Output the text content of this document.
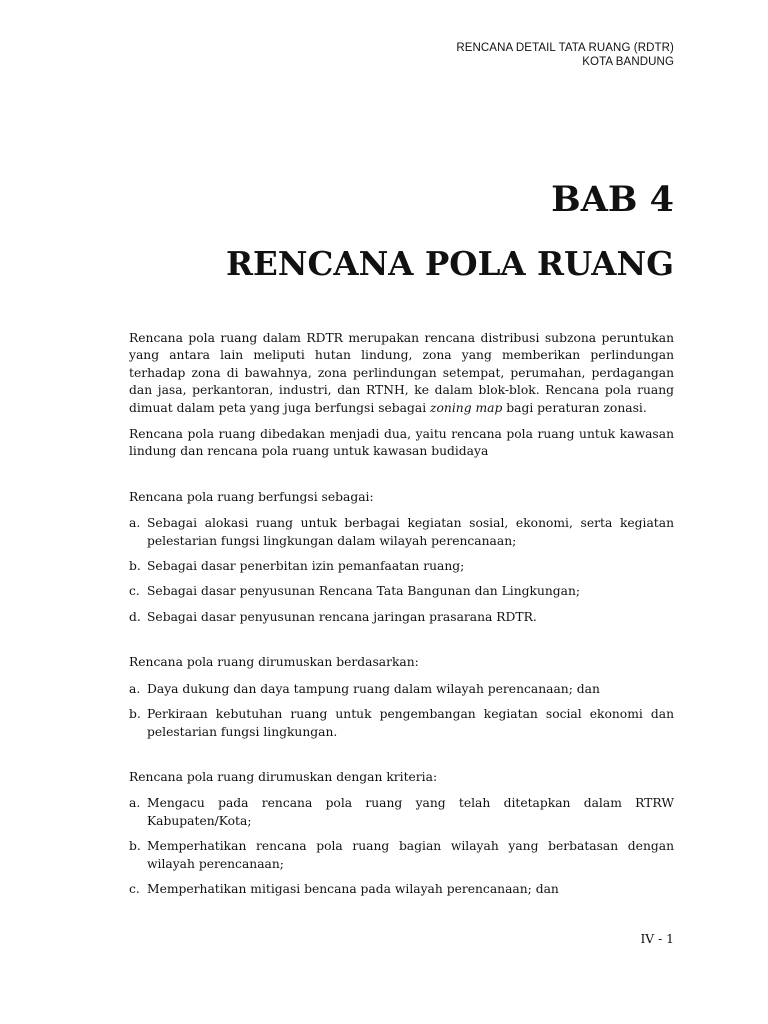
RENCANA DETAIL TATA RUANG (RDTR)
KOTA BANDUNG
BAB 4
RENCANA POLA RUANG

Rencana pola ruang dalam RDTR merupakan rencana distribusi subzona peruntukan yang antara lain meliputi hutan lindung, zona yang memberikan perlindungan terhadap zona di bawahnya, zona perlindungan setempat, perumahan, perdagangan dan jasa, perkantoran, industri, dan RTNH, ke dalam blok-blok. Rencana pola ruang dimuat dalam peta yang juga berfungsi sebagai zoning map bagi peraturan zonasi.

Rencana pola ruang dibedakan menjadi dua, yaitu rencana pola ruang untuk kawasan lindung dan rencana pola ruang untuk kawasan budidaya

Rencana pola ruang berfungsi sebagai:

a. Sebagai alokasi ruang untuk berbagai kegiatan sosial, ekonomi, serta kegiatan pelestarian fungsi lingkungan dalam wilayah perencanaan;
b. Sebagai dasar penerbitan izin pemanfaatan ruang;
c. Sebagai dasar penyusunan Rencana Tata Bangunan dan Lingkungan;
d. Sebagai dasar penyusunan rencana jaringan prasarana RDTR.

Rencana pola ruang dirumuskan berdasarkan:

a. Daya dukung dan daya tampung ruang dalam wilayah perencanaan; dan
b. Perkiraan kebutuhan ruang untuk pengembangan kegiatan social ekonomi dan pelestarian fungsi lingkungan.

Rencana pola ruang dirumuskan dengan kriteria:

a. Mengacu pada rencana pola ruang yang telah ditetapkan dalam RTRW Kabupaten/Kota;
b. Memperhatikan rencana pola ruang bagian wilayah yang berbatasan dengan wilayah perencanaan;
c. Memperhatikan mitigasi bencana pada wilayah perencanaan; dan
IV - 1
